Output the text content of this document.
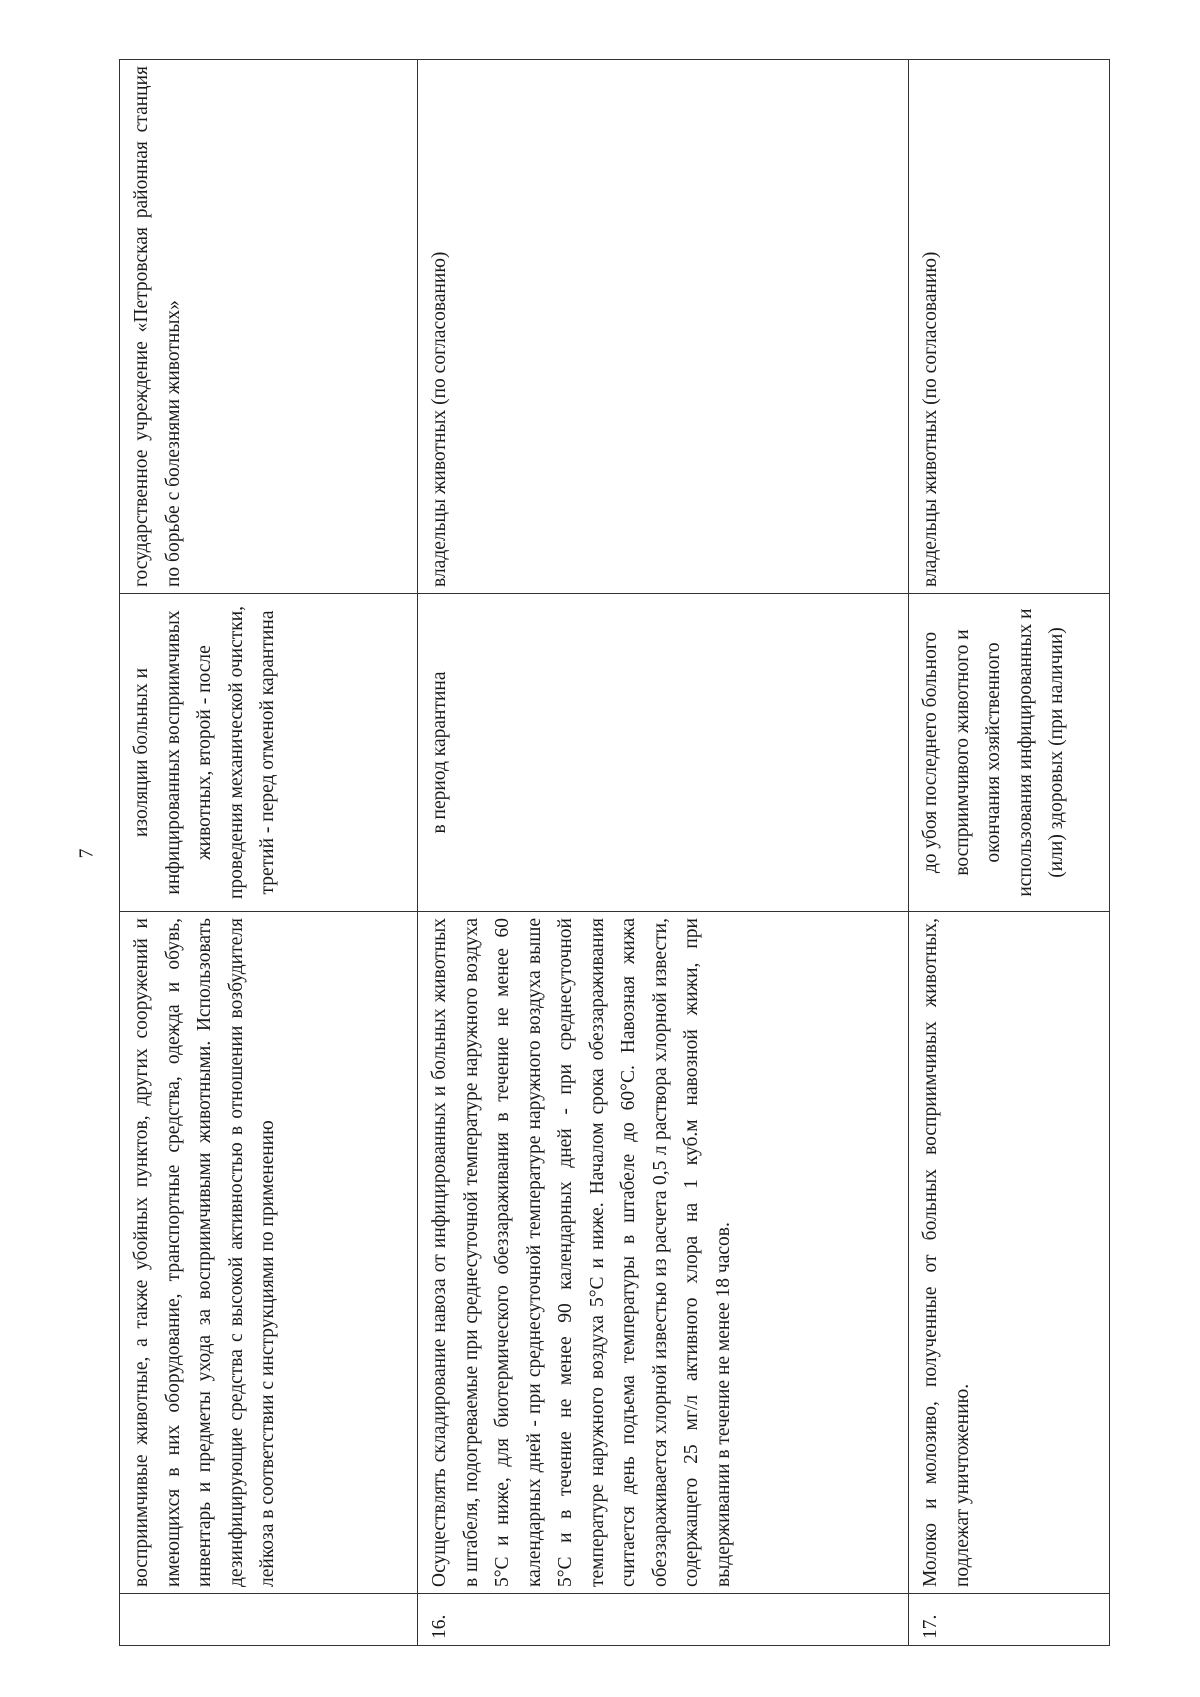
7
	восприимчивые животные, а также убойных пунктов, других сооружений и имеющихся в них оборудование, транспортные средства, одежда и обувь, инвентарь и предметы ухода за восприимчивыми животными. Использовать дезинфицирующие средства с высокой активностью в отношении возбудителя лейкоза в соответствии с инструкциями по применению	изоляции больных и инфицированных восприимчивых животных, второй - после проведения механической очистки, третий - перед отменой карантина	государственное учреждение «Петровская районная станция по борьбе с болезнями животных»
16.	Осуществлять складирование навоза от инфицированных и больных животных в штабеля, подогреваемые при среднесуточной температуре наружного воздуха 5°С и ниже, для биотермического обеззараживания в течение не менее 60 календарных дней - при среднесуточной температуре наружного воздуха выше 5°С и в течение не менее 90 календарных дней - при среднесуточной температуре наружного воздуха 5°С и ниже. Началом срока обеззараживания считается день подъема температуры в штабеле до 60°С. Навозная жижа обеззараживается хлорной известью из расчета 0,5 л раствора хлорной извести, содержащего 25 мг/л активного хлора на 1 куб.м навозной жижи, при выдерживании в течение не менее 18 часов.	в период карантина	владельцы животных (по согласованию)
17.	Молоко и молозиво, полученные от больных восприимчивых животных, подлежат уничтожению.	до убоя последнего больного восприимчивого животного и окончания хозяйственного использования инфицированных и (или) здоровых (при наличии)	владельцы животных (по согласованию)
